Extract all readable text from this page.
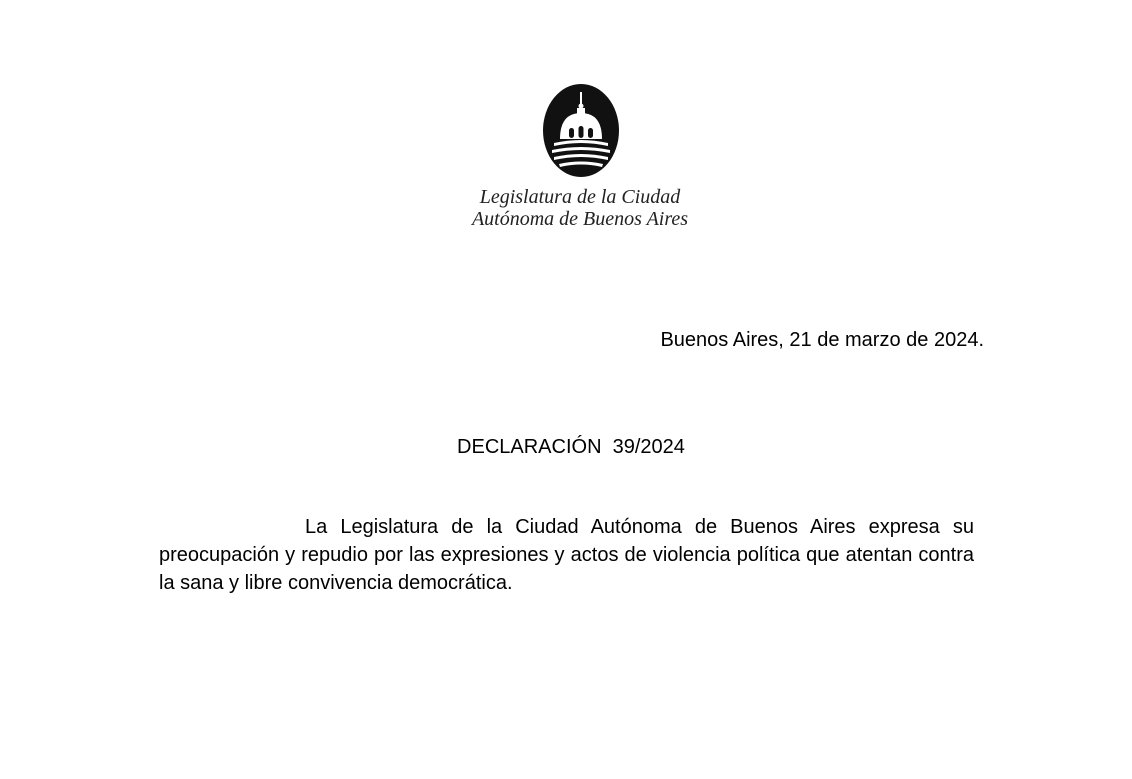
Legislatura de la Ciudad
Autónoma de Buenos Aires
Buenos Aires, 21 de marzo de 2024.
DECLARACIÓN  39/2024

La Legislatura de la Ciudad Autónoma de Buenos Aires expresa su preocupación y repudio por las expresiones y actos de violencia política que atentan contra la sana y libre convivencia democrática.
